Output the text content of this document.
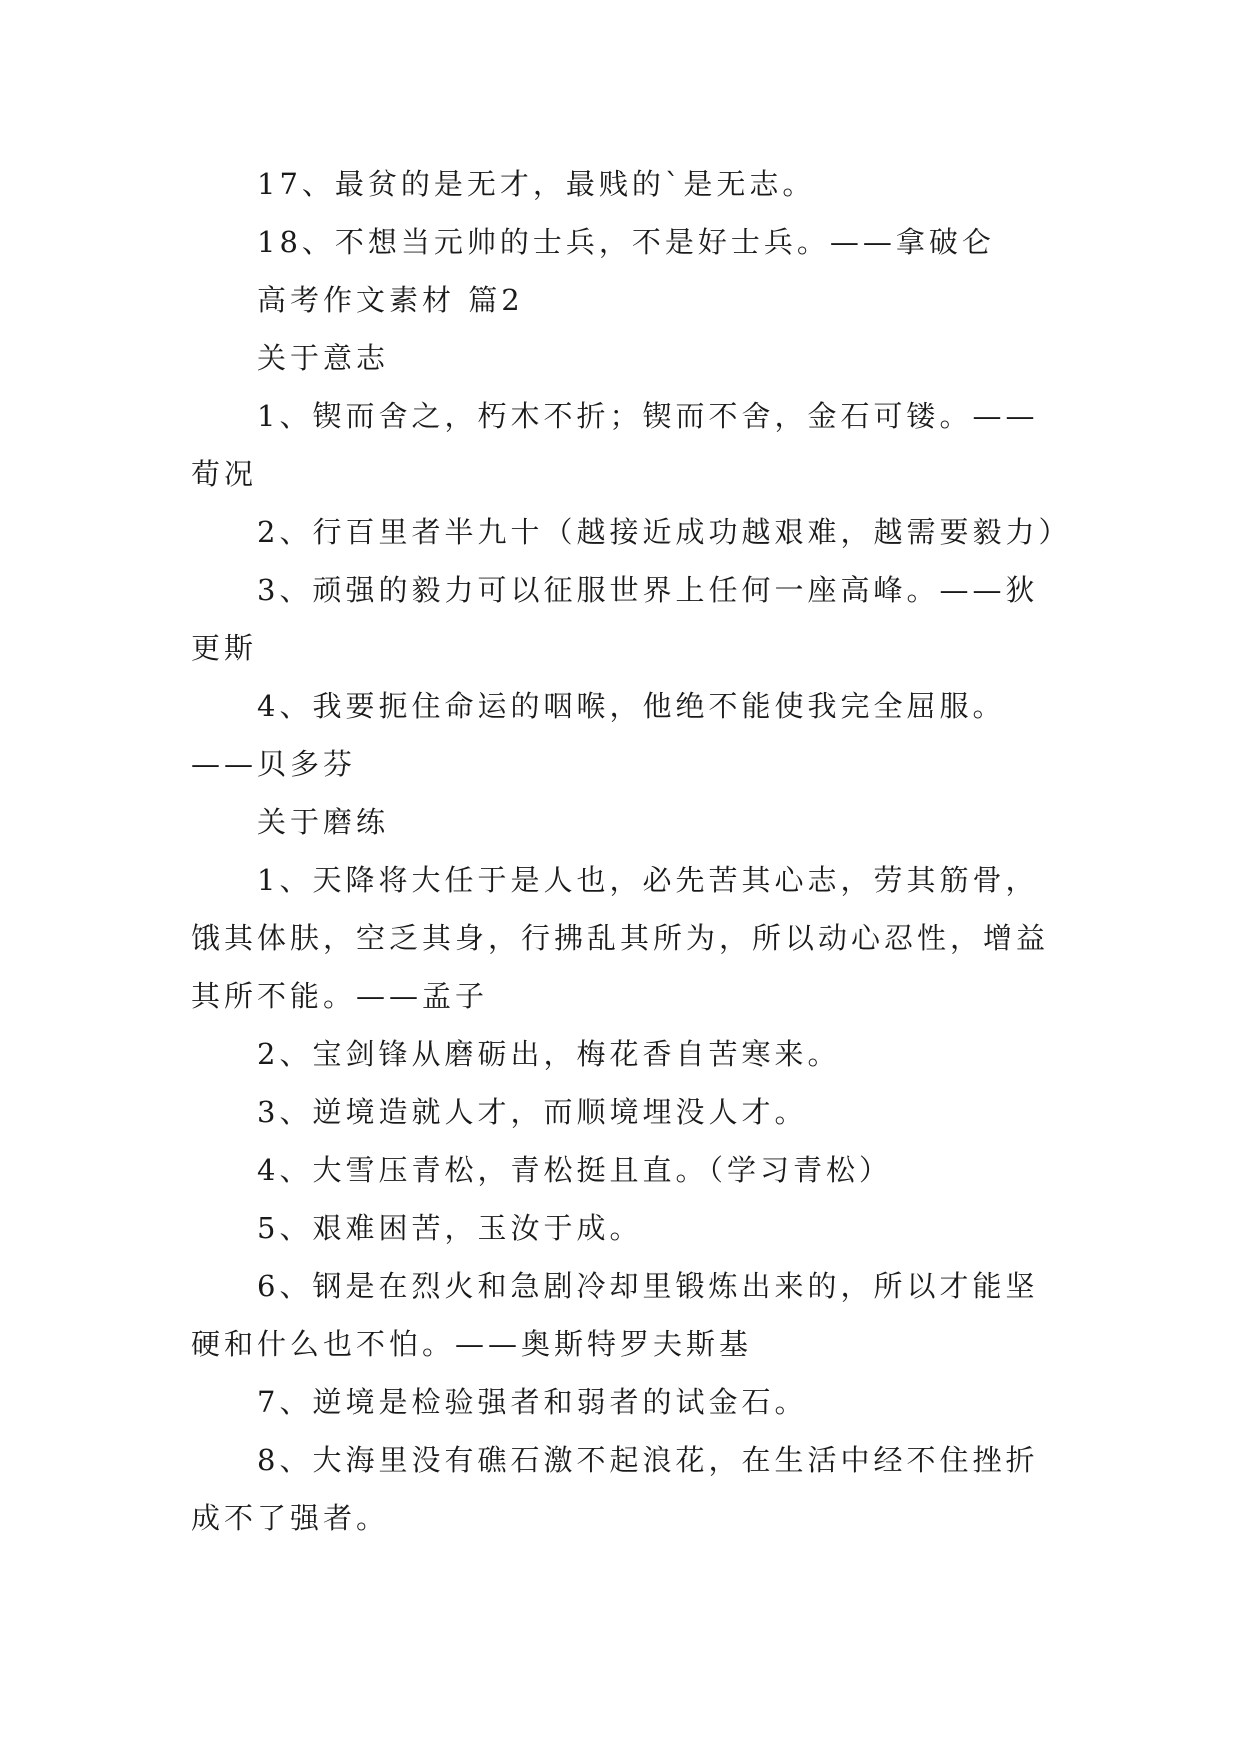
17、最贫的是无才，最贱的`是无志。

18、不想当元帅的士兵，不是好士兵。——拿破仑

高考作文素材 篇2

关于意志

1、锲而舍之，朽木不折；锲而不舍，金石可镂。——荀况

2、行百里者半九十（越接近成功越艰难，越需要毅力）

3、顽强的毅力可以征服世界上任何一座高峰。——狄更斯

4、我要扼住命运的咽喉，他绝不能使我完全屈服。——贝多芬

关于磨练

1、天降将大任于是人也，必先苦其心志，劳其筋骨，饿其体肤，空乏其身，行拂乱其所为，所以动心忍性，增益其所不能。——孟子

2、宝剑锋从磨砺出，梅花香自苦寒来。

3、逆境造就人才，而顺境埋没人才。

4、大雪压青松，青松挺且直。（学习青松）

5、艰难困苦，玉汝于成。

6、钢是在烈火和急剧冷却里锻炼出来的，所以才能坚硬和什么也不怕。——奥斯特罗夫斯基

7、逆境是检验强者和弱者的试金石。

8、大海里没有礁石激不起浪花，在生活中经不住挫折成不了强者。
